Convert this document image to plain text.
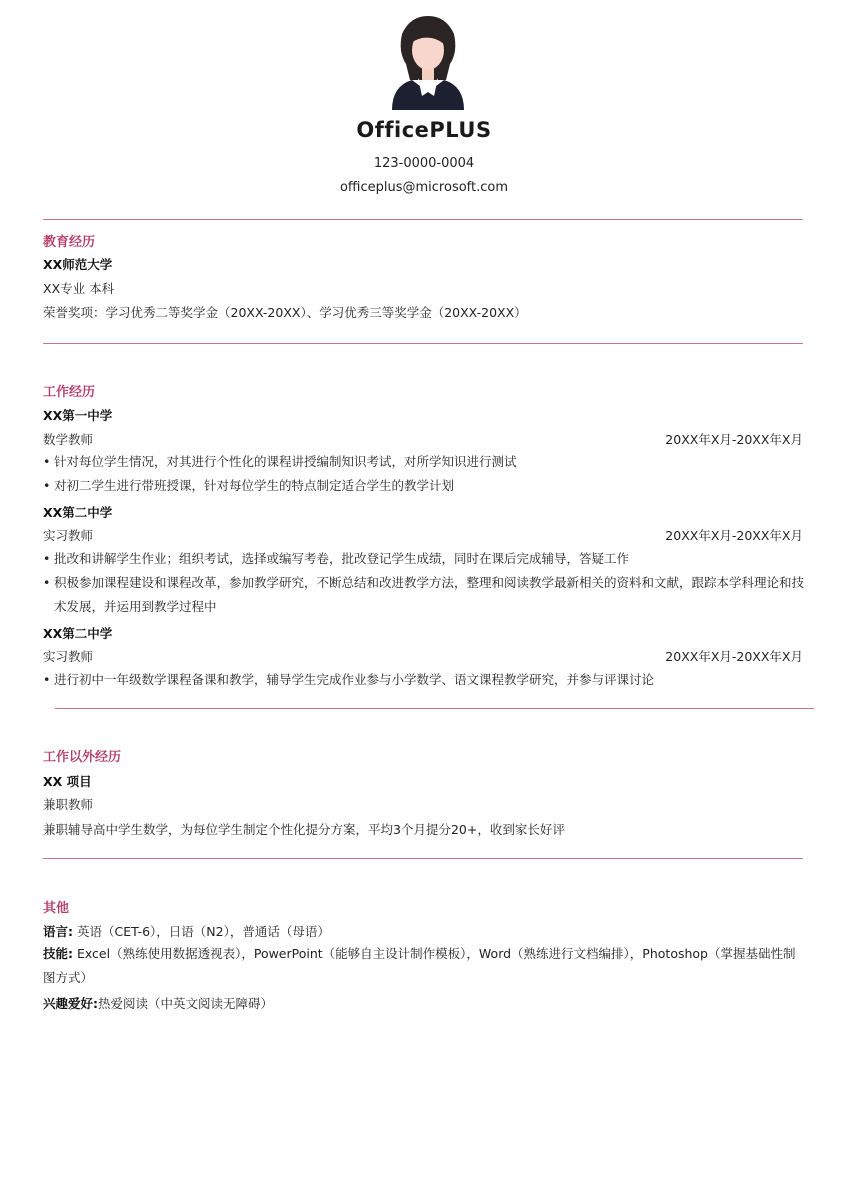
OfficePLUS
123-0000-0004
officeplus@microsoft.com
教育经历
XX师范大学
XX专业 本科
荣誉奖项：学习优秀二等奖学金（20XX-20XX）、学习优秀三等奖学金（20XX-20XX）
工作经历
XX第一中学
数学教师	20XX年X月-20XX年X月
• 针对每位学生情况，对其进行个性化的课程讲授编制知识考试，对所学知识进行测试
• 对初二学生进行带班授课，针对每位学生的特点制定适合学生的教学计划
XX第二中学
实习教师	20XX年X月-20XX年X月
• 批改和讲解学生作业；组织考试，选择或编写考卷，批改登记学生成绩，同时在课后完成辅导，答疑工作
• 积极参加课程建设和课程改革，参加教学研究，不断总结和改进教学方法，整理和阅读教学最新相关的资料和文献，跟踪本学科理论和技术发展，并运用到教学过程中
XX第二中学
实习教师	20XX年X月-20XX年X月
• 进行初中一年级数学课程备课和教学，辅导学生完成作业参与小学数学、语文课程教学研究，并参与评课讨论
工作以外经历
XX 项目
兼职教师
兼职辅导高中学生数学，为每位学生制定个性化提分方案，平均3个月提分20+，收到家长好评
其他
语言: 英语（CET-6），日语（N2），普通话（母语）
技能: Excel（熟练使用数据透视表），PowerPoint（能够自主设计制作模板），Word（熟练进行文档编排），Photoshop（掌握基础性制图方式）
兴趣爱好:热爱阅读（中英文阅读无障碍）
